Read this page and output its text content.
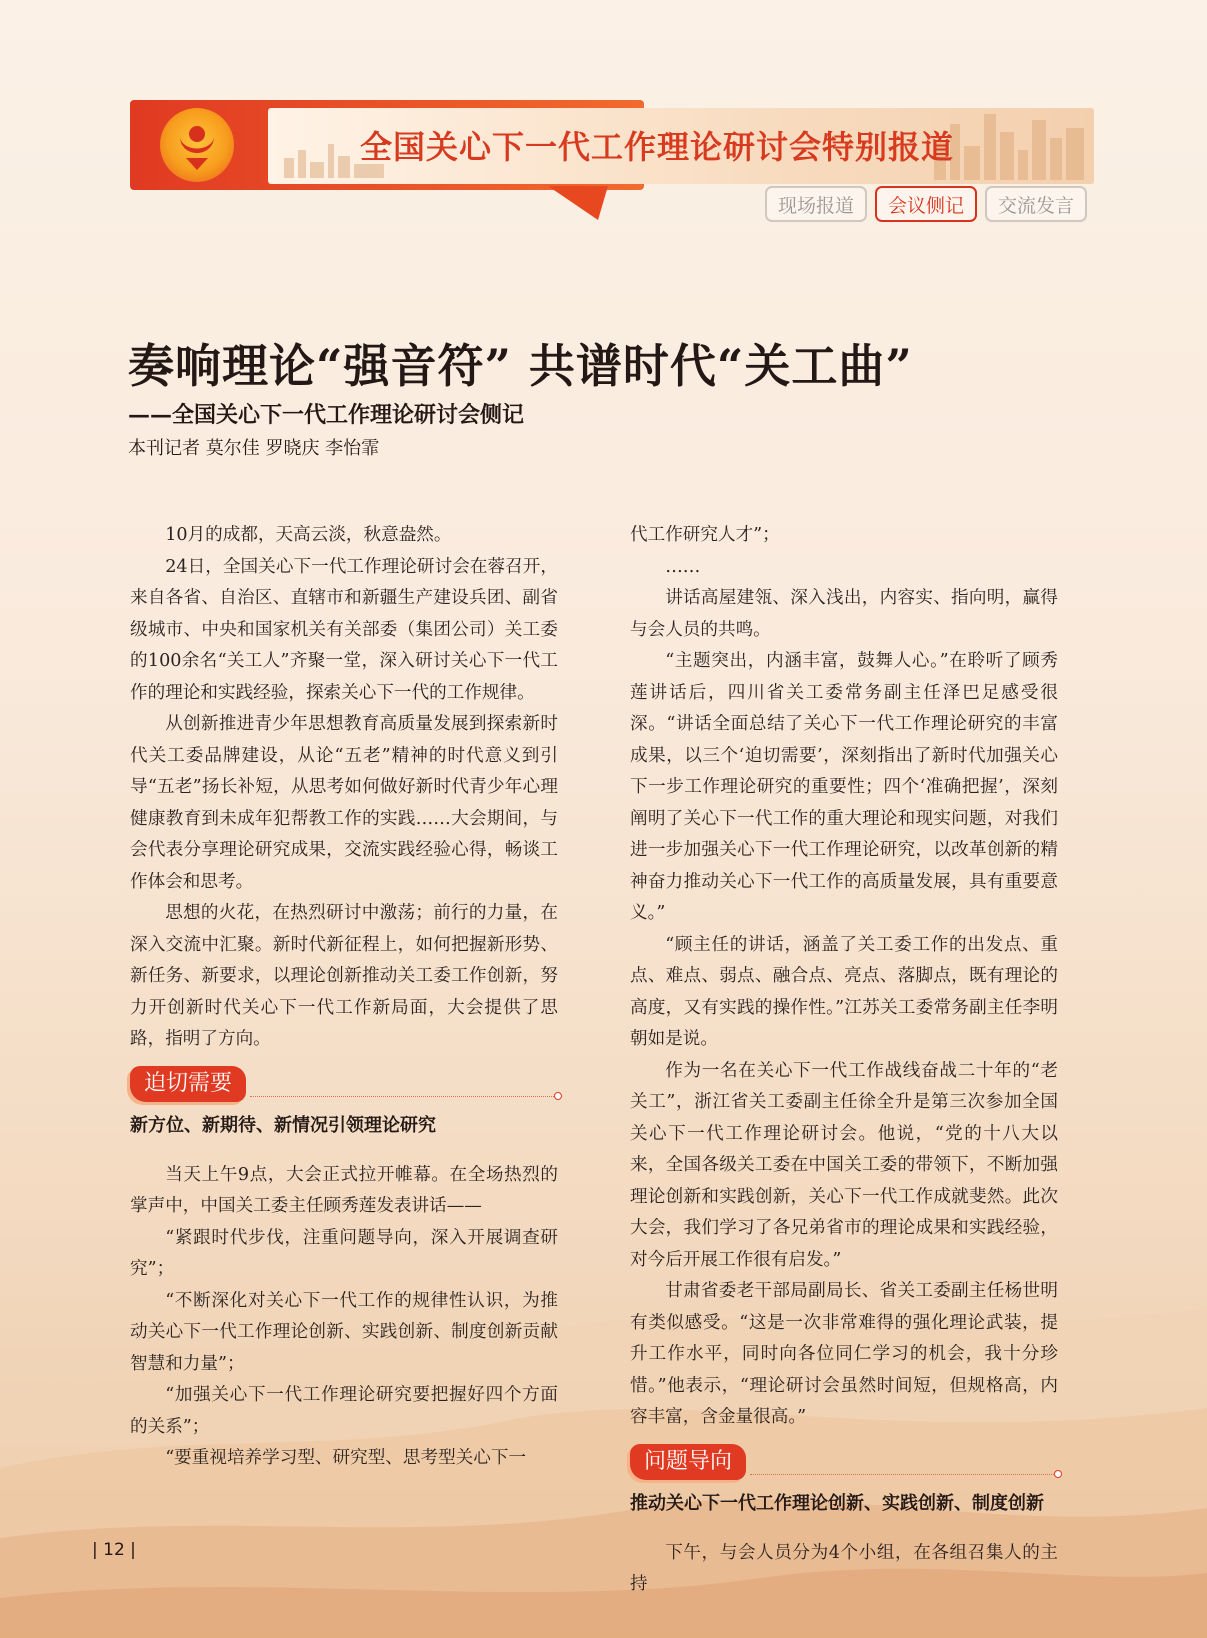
全国关心下一代工作理论研讨会特别报道
现场报道	会议侧记	交流发言
奏响理论“强音符” 共谱时代“关工曲”
——全国关心下一代工作理论研讨会侧记
本刊记者 莫尔佳 罗晓庆 李怡霏

10月的成都，天高云淡，秋意盎然。

24日，全国关心下一代工作理论研讨会在蓉召开，来自各省、自治区、直辖市和新疆生产建设兵团、副省级城市、中央和国家机关有关部委（集团公司）关工委的100余名“关工人”齐聚一堂，深入研讨关心下一代工作的理论和实践经验，探索关心下一代的工作规律。

从创新推进青少年思想教育高质量发展到探索新时代关工委品牌建设，从论“五老”精神的时代意义到引导“五老”扬长补短，从思考如何做好新时代青少年心理健康教育到未成年犯帮教工作的实践……大会期间，与会代表分享理论研究成果，交流实践经验心得，畅谈工作体会和思考。

思想的火花，在热烈研讨中激荡；前行的力量，在深入交流中汇聚。新时代新征程上，如何把握新形势、新任务、新要求，以理论创新推动关工委工作创新，努力开创新时代关心下一代工作新局面，大会提供了思路，指明了方向。

迫切需要
新方位、新期待、新情况引领理论研究

当天上午9点，大会正式拉开帷幕。在全场热烈的掌声中，中国关工委主任顾秀莲发表讲话——

“紧跟时代步伐，注重问题导向，深入开展调查研究”；

“不断深化对关心下一代工作的规律性认识，为推动关心下一代工作理论创新、实践创新、制度创新贡献智慧和力量”；

“加强关心下一代工作理论研究要把握好四个方面的关系”；

“要重视培养学习型、研究型、思考型关心下一

代工作研究人才”；

……

讲话高屋建瓴、深入浅出，内容实、指向明，赢得与会人员的共鸣。

“主题突出，内涵丰富，鼓舞人心。”在聆听了顾秀莲讲话后，四川省关工委常务副主任泽巴足感受很深。“讲话全面总结了关心下一代工作理论研究的丰富成果，以三个‘迫切需要’，深刻指出了新时代加强关心下一步工作理论研究的重要性；四个‘准确把握’，深刻阐明了关心下一代工作的重大理论和现实问题，对我们进一步加强关心下一代工作理论研究，以改革创新的精神奋力推动关心下一代工作的高质量发展，具有重要意义。”

“顾主任的讲话，涵盖了关工委工作的出发点、重点、难点、弱点、融合点、亮点、落脚点，既有理论的高度，又有实践的操作性。”江苏关工委常务副主任李明朝如是说。

作为一名在关心下一代工作战线奋战二十年的“老关工”，浙江省关工委副主任徐全升是第三次参加全国关心下一代工作理论研讨会。他说，“党的十八大以来，全国各级关工委在中国关工委的带领下，不断加强理论创新和实践创新，关心下一代工作成就斐然。此次大会，我们学习了各兄弟省市的理论成果和实践经验，对今后开展工作很有启发。”

甘肃省委老干部局副局长、省关工委副主任杨世明有类似感受。“这是一次非常难得的强化理论武装，提升工作水平，同时向各位同仁学习的机会，我十分珍惜。”他表示，“理论研讨会虽然时间短，但规格高，内容丰富，含金量很高。”

问题导向
推动关心下一代工作理论创新、实践创新、制度创新

下午，与会人员分为4个小组，在各组召集人的主持

| 12 |
